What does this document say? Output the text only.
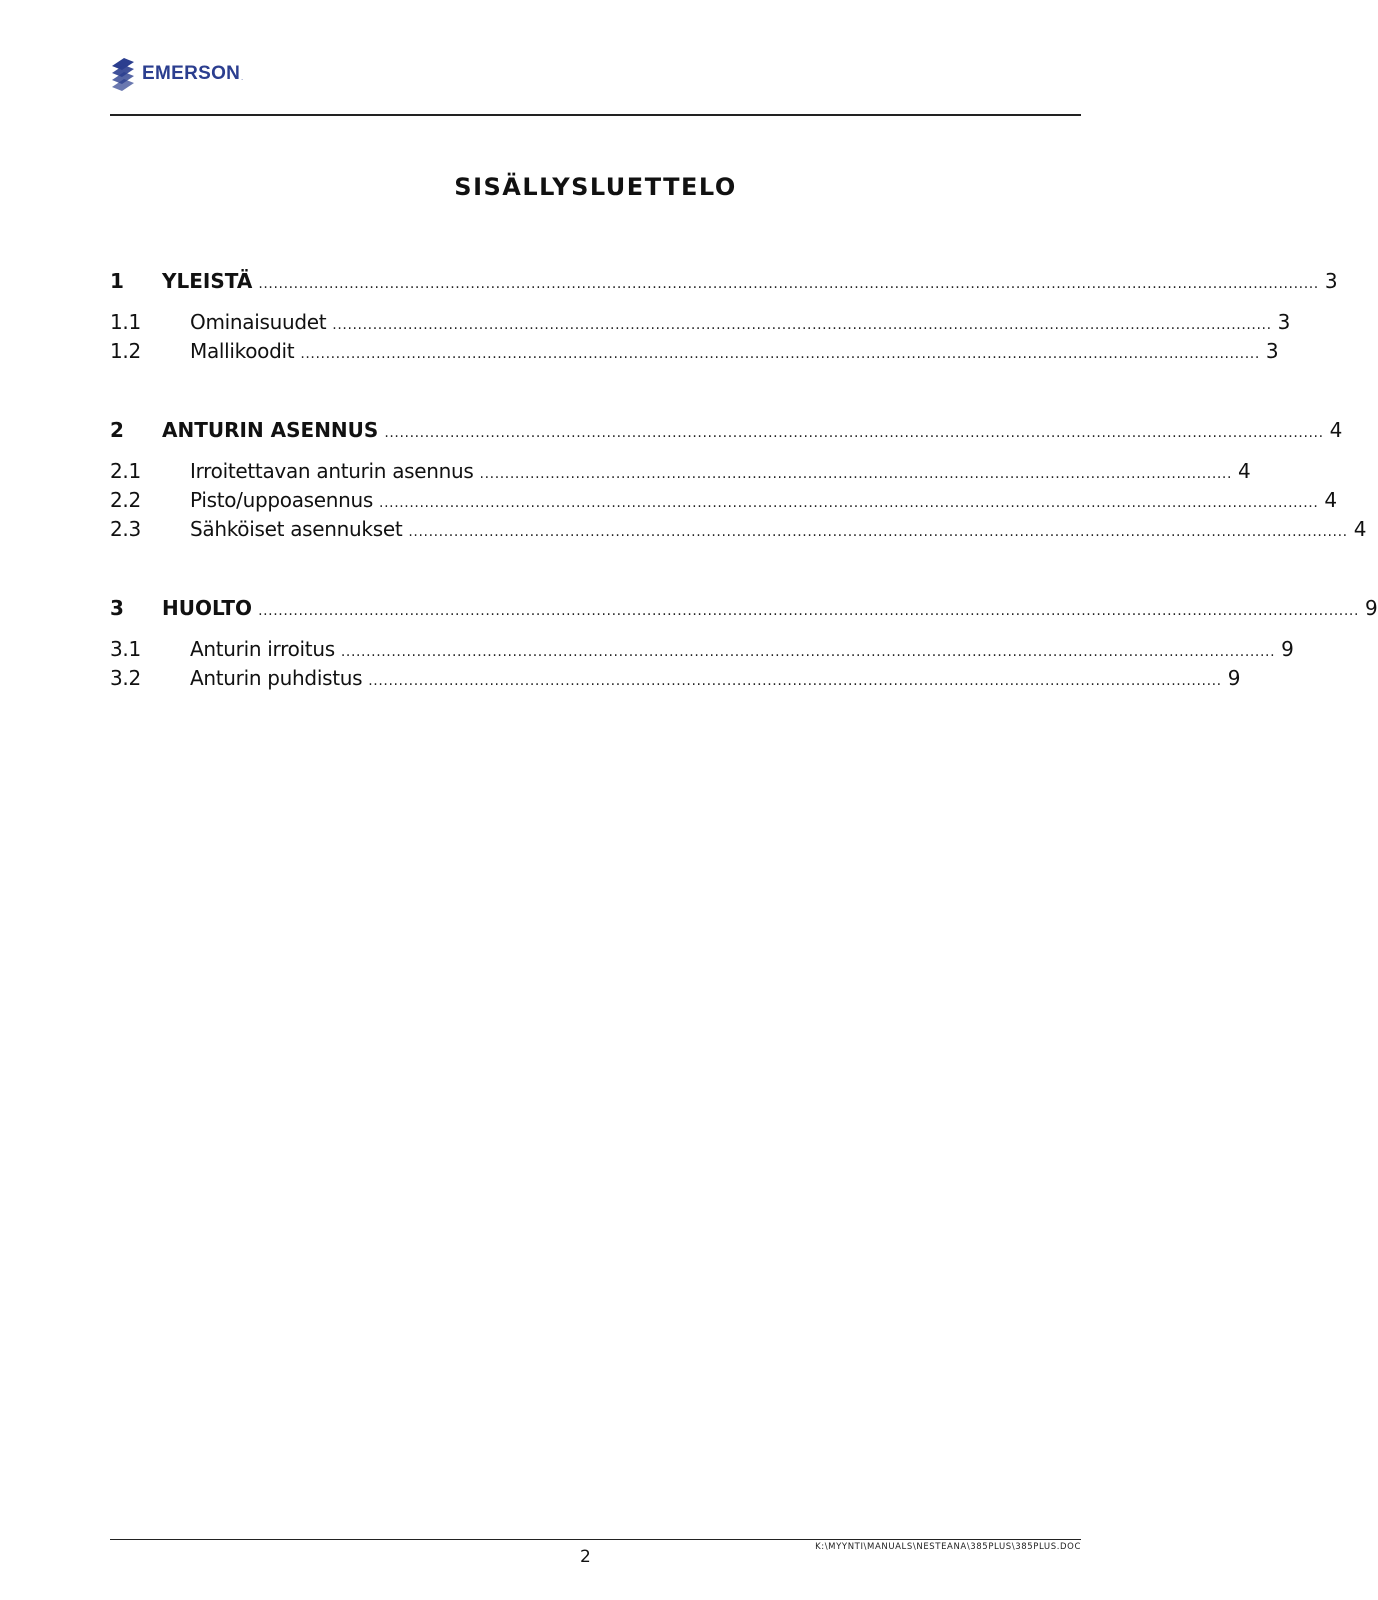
EMERSON .
SISÄLLYSLUETTELO
1	YLEISTÄ .................................................................................................................................................................................................................. 3
1.1	Ominaisuudet .......................................................................................................................................................................................... 3
1.2	Mallikoodit .............................................................................................................................................................................................. 3
2	ANTURIN ASENNUS .......................................................................................................................................................................................... 4
2.1	Irroitettavan anturin asennus ..................................................................................................................................................... 4
2.2	Pisto/uppoasennus .......................................................................................................................................................................................... 4
2.3	Sähköiset asennukset .......................................................................................................................................................................................... 4
3	HUOLTO .......................................................................................................................................................................................................................... 9
3.1	Anturin irroitus ......................................................................................................................................................................................... 9
3.2	Anturin puhdistus ......................................................................................................................................................................... 9
2	K:\MYYNTI\MANUALS\NESTEANA\385PLUS\385PLUS.DOC
